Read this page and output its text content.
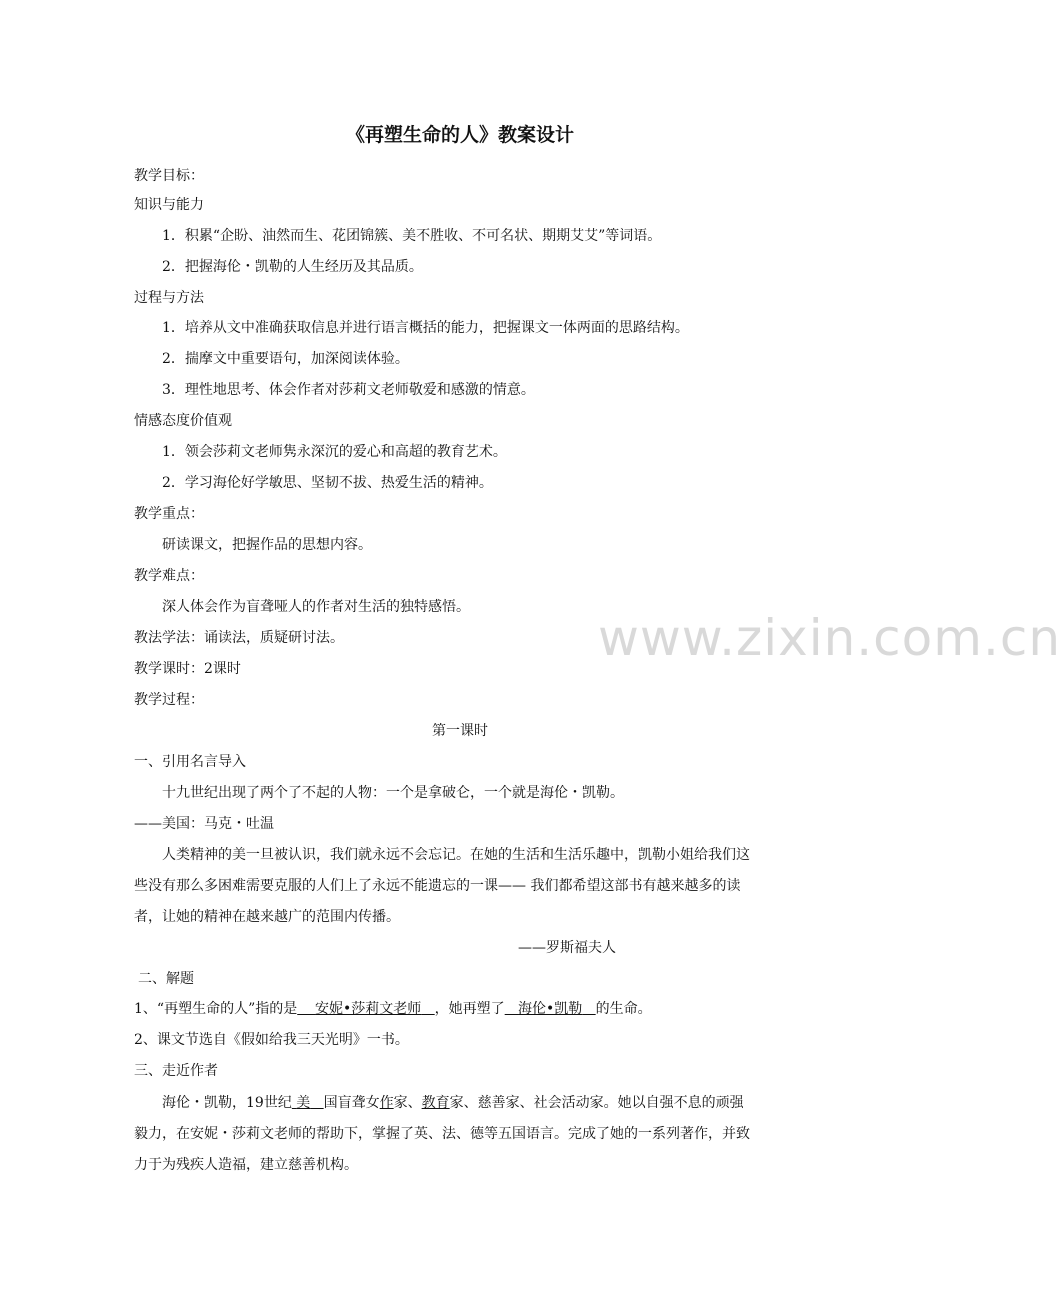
《再塑生命的人》教案设计
教学目标：
知识与能力
1．积累“企盼、油然而生、花团锦簇、美不胜收、不可名状、期期艾艾”等词语。
2．把握海伦・凯勒的人生经历及其品质。
过程与方法
1．培养从文中准确获取信息并进行语言概括的能力，把握课文一体两面的思路结构。
2．揣摩文中重要语句，加深阅读体验。
3．理性地思考、体会作者对莎莉文老师敬爱和感激的情意。
情感态度价值观
1．领会莎莉文老师隽永深沉的爱心和高超的教育艺术。
2．学习海伦好学敏思、坚韧不拔、热爱生活的精神。
教学重点：
研读课文，把握作品的思想内容。
教学难点：
深人体会作为盲聋哑人的作者对生活的独特感悟。
教法学法：诵读法，质疑研讨法。
教学课时：2课时
教学过程：
第一课时
一、引用名言导入
十九世纪出现了两个了不起的人物：一个是拿破仑，一个就是海伦・凯勒。
——美国：马克・吐温
人类精神的美一旦被认识，我们就永远不会忘记。在她的生活和生活乐趣中，凯勒小姐给我们这
些没有那么多困难需要克服的人们上了永远不能遗忘的一课—— 我们都希望这部书有越来越多的读
者，让她的精神在越来越广的范围内传播。
——罗斯福夫人
二、解题
1、“再塑生命的人”指的是 安妮•莎莉文老师 ，她再塑了 海伦•凯勒 的生命。
2、课文节选自《假如给我三天光明》一书。
三、走近作者
海伦・凯勒，19世纪 美 国盲聋女作家、教育家、慈善家、社会活动家。她以自强不息的顽强
毅力，在安妮・莎莉文老师的帮助下，掌握了英、法、德等五国语言。完成了她的一系列著作，并致
力于为残疾人造福，建立慈善机构。
www.zixin.com.cn
